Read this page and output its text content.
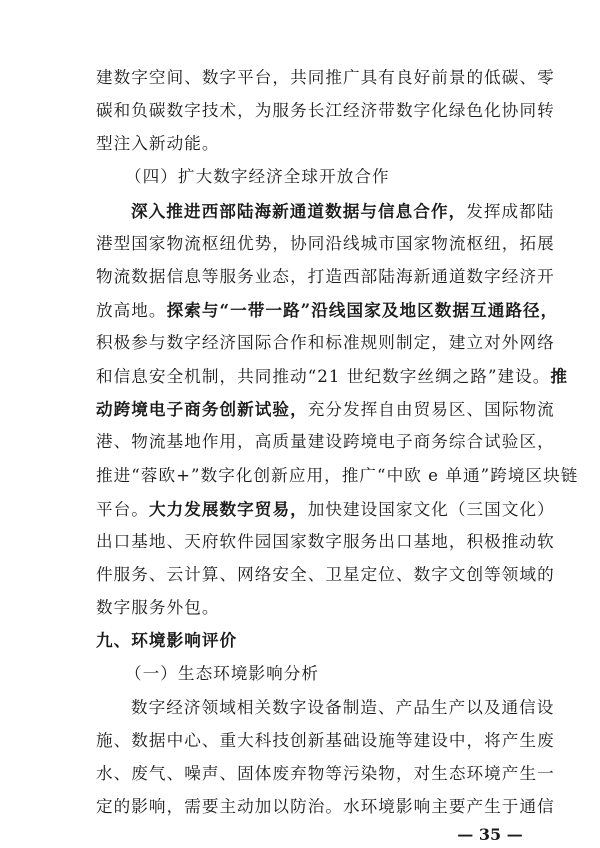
建数字空间、数字平台，共同推广具有良好前景的低碳、零
碳和负碳数字技术，为服务长江经济带数字化绿色化协同转
型注入新动能。
（四）扩大数字经济全球开放合作
深入推进西部陆海新通道数据与信息合作，发挥成都陆
港型国家物流枢纽优势，协同沿线城市国家物流枢纽，拓展
物流数据信息等服务业态，打造西部陆海新通道数字经济开
放高地。探索与“一带一路”沿线国家及地区数据互通路径，
积极参与数字经济国际合作和标准规则制定，建立对外网络
和信息安全机制，共同推动“21 世纪数字丝绸之路”建设。推
动跨境电子商务创新试验，充分发挥自由贸易区、国际物流
港、物流基地作用，高质量建设跨境电子商务综合试验区，
推进“蓉欧+”数字化创新应用，推广“中欧 e 单通”跨境区块链
平台。大力发展数字贸易，加快建设国家文化（三国文化）
出口基地、天府软件园国家数字服务出口基地，积极推动软
件服务、云计算、网络安全、卫星定位、数字文创等领域的
数字服务外包。
九、环境影响评价
（一）生态环境影响分析
数字经济领域相关数字设备制造、产品生产以及通信设
施、数据中心、重大科技创新基础设施等建设中，将产生废
水、废气、噪声、固体废弃物等污染物，对生态环境产生一
定的影响，需要主动加以防治。水环境影响主要产生于通信
— 35 —
